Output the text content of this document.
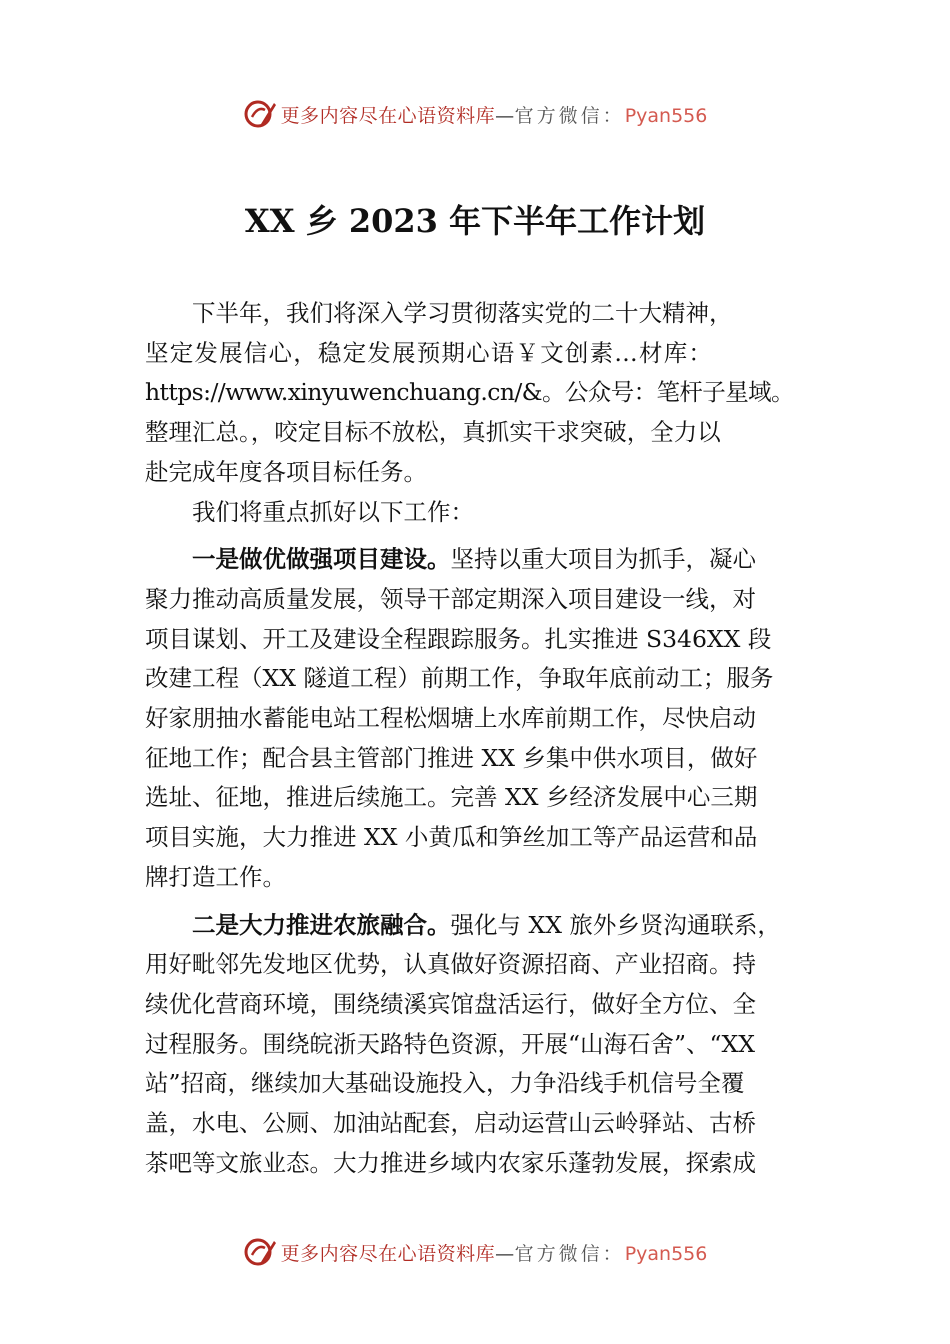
更多内容尽在心语资料库—官方微信：Pyan556
XX 乡 2023 年下半年工作计划

下半年，我们将深入学习贯彻落实党的二十大精神，
坚定发展信心，稳定发展预期心语￥文创素…材库：
https://www.xinyuwenchuang.cn/&。公众号：笔杆子星域。
整理汇总。，咬定目标不放松，真抓实干求突破，全力以
赴完成年度各项目标任务。

我们将重点抓好以下工作：

一是做优做强项目建设。坚持以重大项目为抓手，凝心
聚力推动高质量发展，领导干部定期深入项目建设一线，对
项目谋划、开工及建设全程跟踪服务。扎实推进 S346XX 段
改建工程（XX 隧道工程）前期工作，争取年底前动工；服务
好家朋抽水蓄能电站工程松烟塘上水库前期工作，尽快启动
征地工作；配合县主管部门推进 XX 乡集中供水项目，做好
选址、征地，推进后续施工。完善 XX 乡经济发展中心三期
项目实施，大力推进 XX 小黄瓜和笋丝加工等产品运营和品
牌打造工作。

二是大力推进农旅融合。强化与 XX 旅外乡贤沟通联系，
用好毗邻先发地区优势，认真做好资源招商、产业招商。持
续优化营商环境，围绕绩溪宾馆盘活运行，做好全方位、全
过程服务。围绕皖浙天路特色资源，开展“山海石舍”、“XX
站”招商，继续加大基础设施投入，力争沿线手机信号全覆
盖，水电、公厕、加油站配套，启动运营山云岭驿站、古桥
茶吧等文旅业态。大力推进乡域内农家乐蓬勃发展，探索成

更多内容尽在心语资料库—官方微信：Pyan556
